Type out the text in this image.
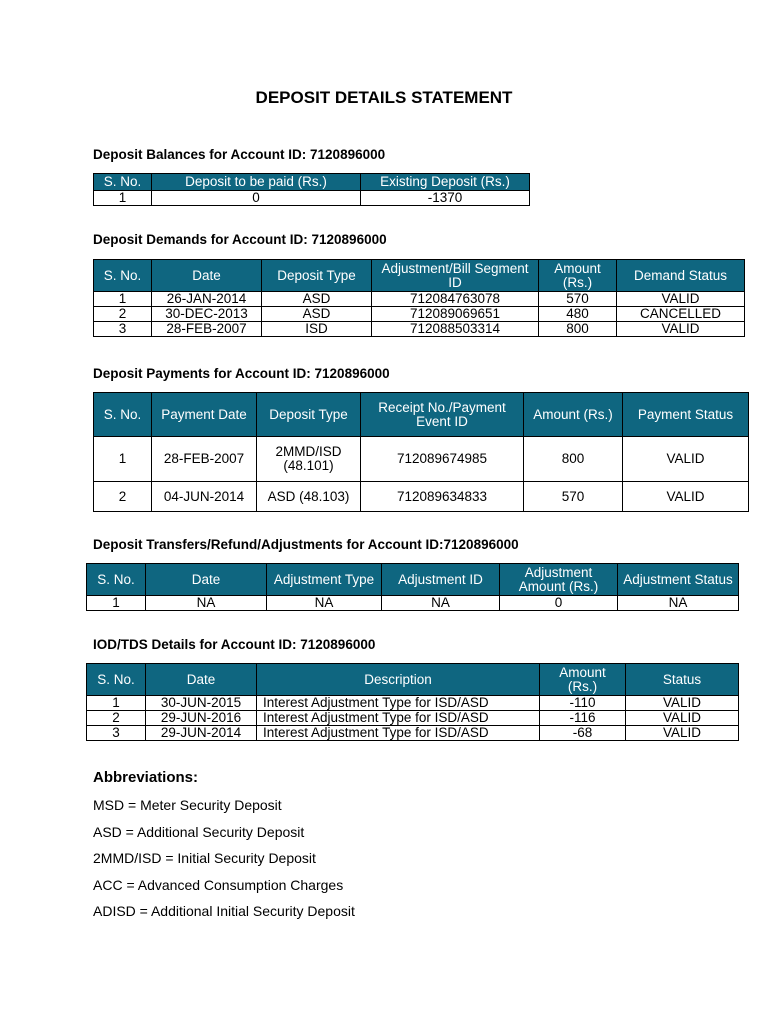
DEPOSIT DETAILS STATEMENT
Deposit Balances for Account ID: 7120896000
S. No.	Deposit to be paid (Rs.)	Existing Deposit (Rs.)
1	0	-1370
Deposit Demands for Account ID: 7120896000
S. No.	Date	Deposit Type	Adjustment/Bill Segment ID	Amount (Rs.)	Demand Status
1	26-JAN-2014	ASD	712084763078	570	VALID
2	30-DEC-2013	ASD	712089069651	480	CANCELLED
3	28-FEB-2007	ISD	712088503314	800	VALID
Deposit Payments for Account ID: 7120896000
S. No.	Payment Date	Deposit Type	Receipt No./Payment Event ID	Amount (Rs.)	Payment Status
1	28-FEB-2007	2MMD/ISD (48.101)	712089674985	800	VALID
2	04-JUN-2014	ASD (48.103)	712089634833	570	VALID
Deposit Transfers/Refund/Adjustments for Account ID:7120896000
S. No.	Date	Adjustment Type	Adjustment ID	Adjustment Amount (Rs.)	Adjustment Status
1	NA	NA	NA	0	NA
IOD/TDS Details for Account ID: 7120896000
S. No.	Date	Description	Amount (Rs.)	Status
1	30-JUN-2015	Interest Adjustment Type for ISD/ASD	-110	VALID
2	29-JUN-2016	Interest Adjustment Type for ISD/ASD	-116	VALID
3	29-JUN-2014	Interest Adjustment Type for ISD/ASD	-68	VALID
Abbreviations:

MSD = Meter Security Deposit

ASD = Additional Security Deposit

2MMD/ISD = Initial Security Deposit

ACC = Advanced Consumption Charges

ADISD = Additional Initial Security Deposit
